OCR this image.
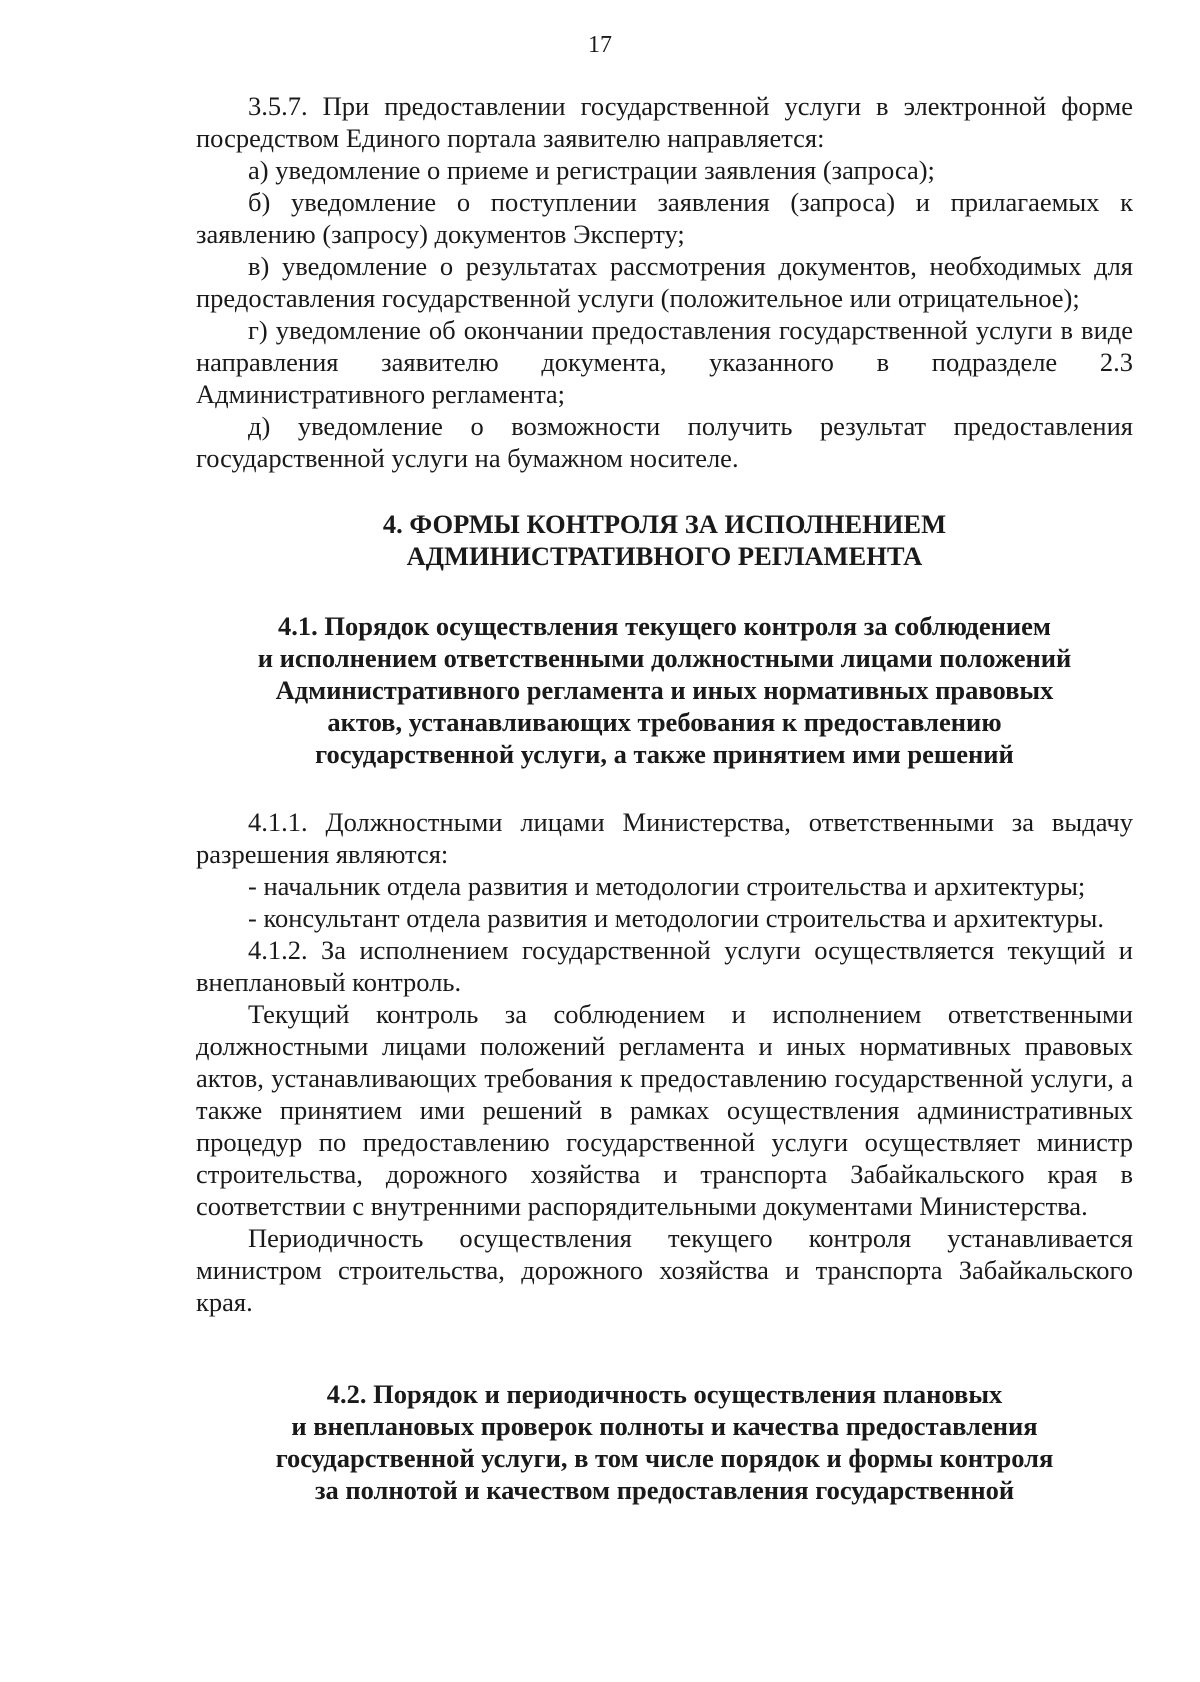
17

3.5.7. При предоставлении государственной услуги в электронной форме посредством Единого портала заявителю направляется:

а) уведомление о приеме и регистрации заявления (запроса);

б) уведомление о поступлении заявления (запроса) и прилагаемых к заявлению (запросу) документов Эксперту;

в) уведомление о результатах рассмотрения документов, необходимых для предоставления государственной услуги (положительное или отрицательное);

г) уведомление об окончании предоставления государственной услуги в виде направления заявителю документа, указанного в подразделе 2.3 Административного регламента;

д) уведомление о возможности получить результат предоставления государственной услуги на бумажном носителе.

4. ФОРМЫ КОНТРОЛЯ ЗА ИСПОЛНЕНИЕМ
АДМИНИСТРАТИВНОГО РЕГЛАМЕНТА
4.1. Порядок осуществления текущего контроля за соблюдением
и исполнением ответственными должностными лицами положений
Административного регламента и иных нормативных правовых
актов, устанавливающих требования к предоставлению
государственной услуги, а также принятием ими решений

4.1.1. Должностными лицами Министерства, ответственными за выдачу разрешения являются:

- начальник отдела развития и методологии строительства и архитектуры;

- консультант отдела развития и методологии строительства и архитектуры.

4.1.2. За исполнением государственной услуги осуществляется текущий и внеплановый контроль.

Текущий контроль за соблюдением и исполнением ответственными должностными лицами положений регламента и иных нормативных правовых актов, устанавливающих требования к предоставлению государственной услуги, а также принятием ими решений в рамках осуществления административных процедур по предоставлению государственной услуги осуществляет министр строительства, дорожного хозяйства и транспорта Забайкальского края в соответствии с внутренними распорядительными документами Министерства.

Периодичность осуществления текущего контроля устанавливается министром строительства, дорожного хозяйства и транспорта Забайкальского края.

4.2. Порядок и периодичность осуществления плановых
и внеплановых проверок полноты и качества предоставления
государственной услуги, в том числе порядок и формы контроля
за полнотой и качеством предоставления государственной
